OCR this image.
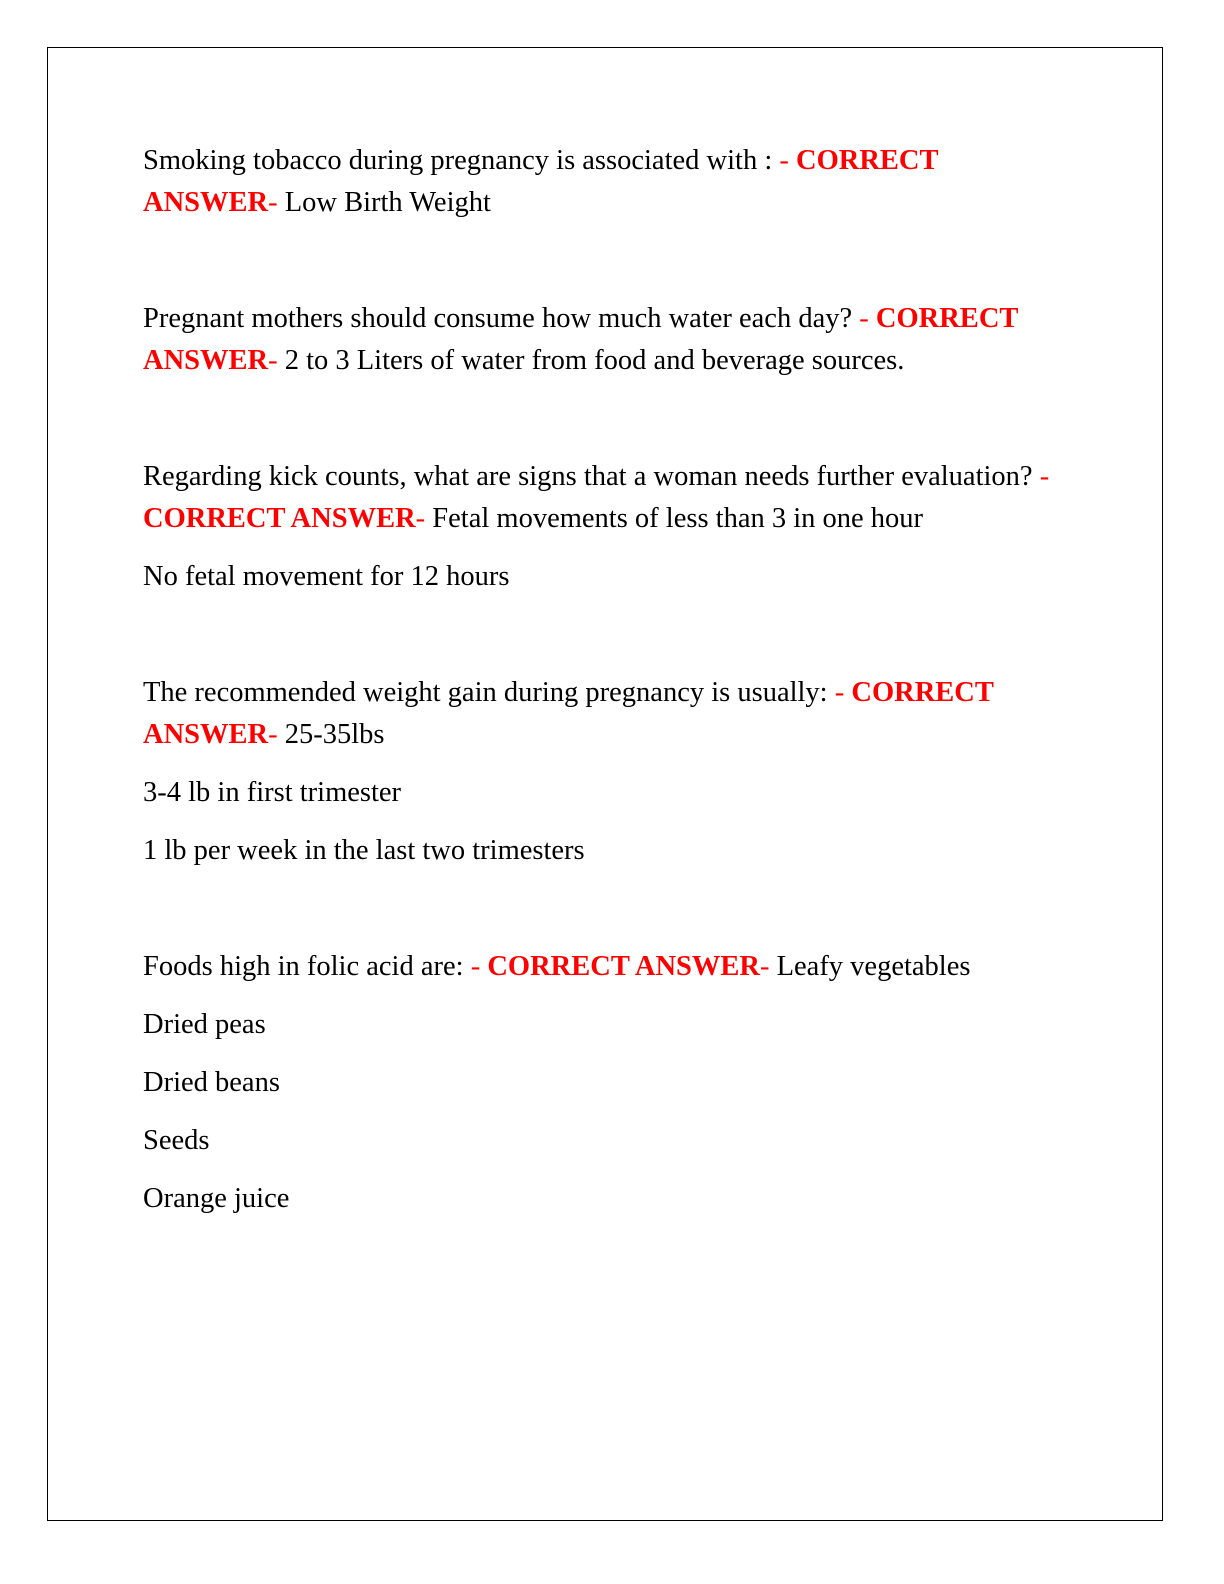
Smoking tobacco during pregnancy is associated with : - CORRECT ANSWER- Low Birth Weight

Pregnant mothers should consume how much water each day? - CORRECT ANSWER- 2 to 3 Liters of water from food and beverage sources.

Regarding kick counts, what are signs that a woman needs further evaluation? - CORRECT ANSWER- Fetal movements of less than 3 in one hour

No fetal movement for 12 hours

The recommended weight gain during pregnancy is usually: - CORRECT ANSWER- 25-35lbs

3-4 lb in first trimester

1 lb per week in the last two trimesters

Foods high in folic acid are: - CORRECT ANSWER- Leafy vegetables

Dried peas

Dried beans

Seeds

Orange juice
